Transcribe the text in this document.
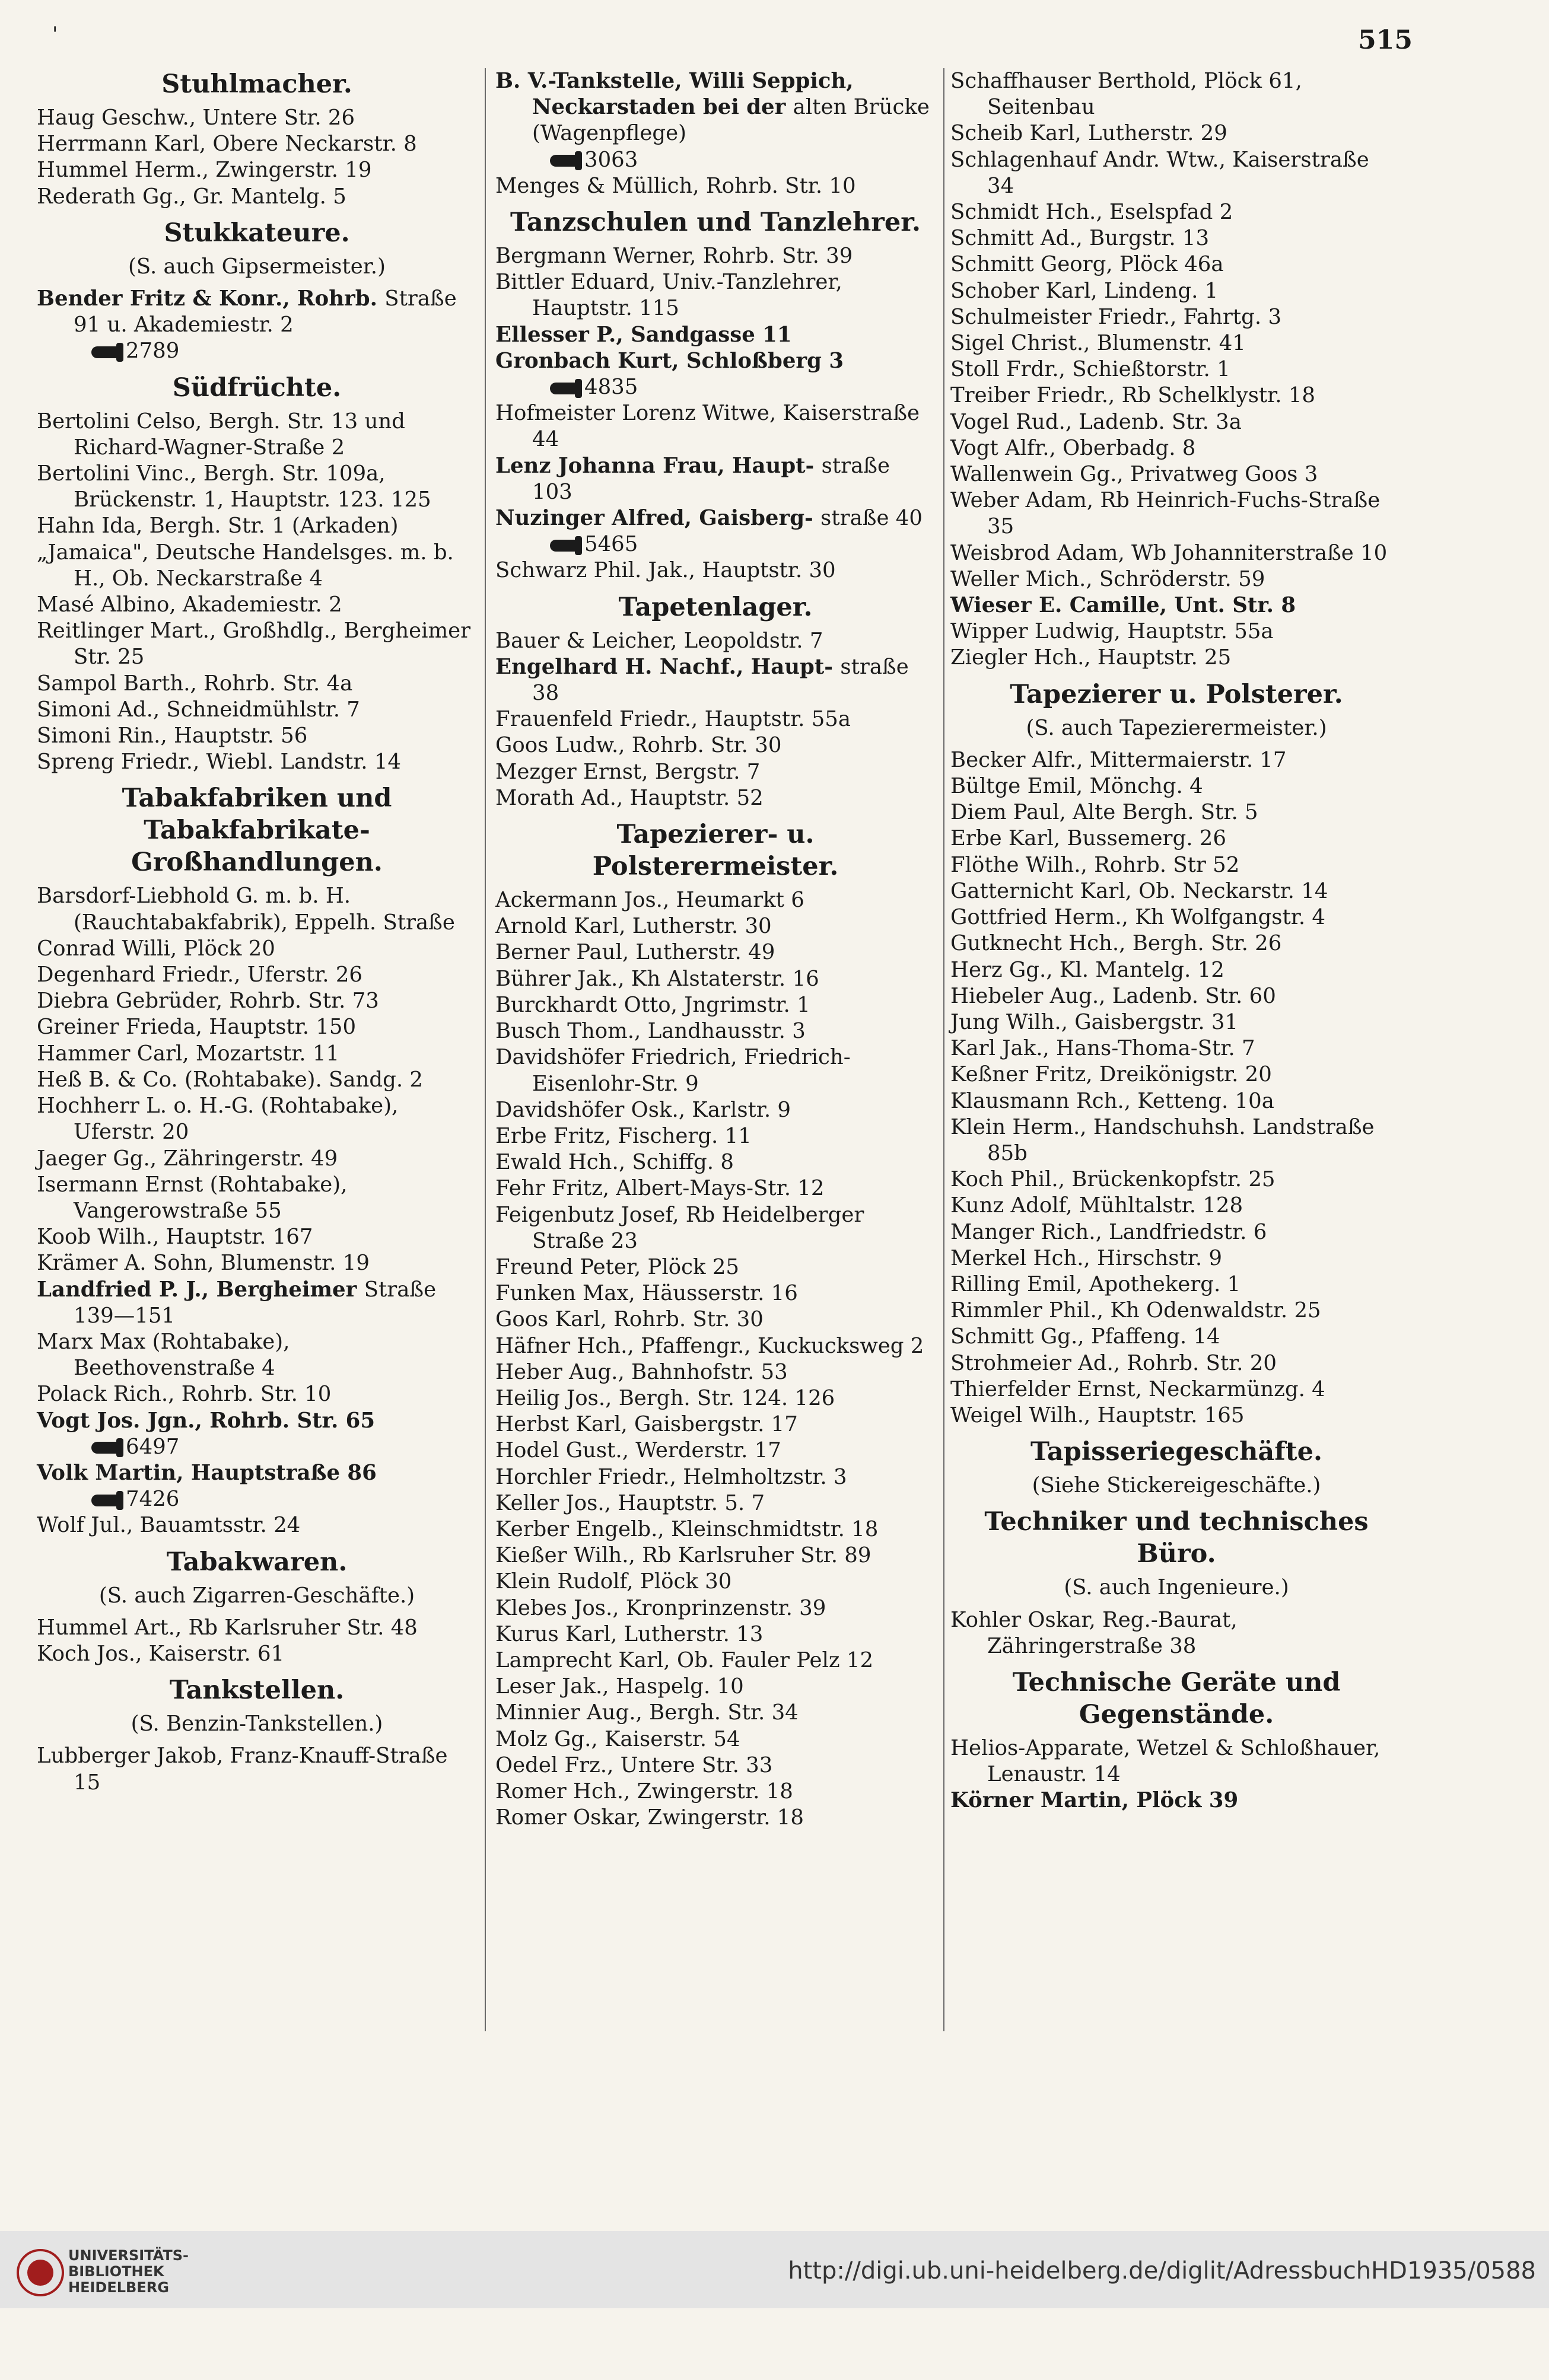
'	515
Stuhlmacher.
Haug Geschw., Untere Str. 26
Herrmann Karl, Obere Neckarstr. 8
Hummel Herm., Zwingerstr. 19
Rederath Gg., Gr. Mantelg. 5
Stukkateure.
(S. auch Gipsermeister.)
Bender Fritz & Konr., Rohrb. Straße 91 u. Akademiestr. 2
2789
Südfrüchte.
Bertolini Celso, Bergh. Str. 13 und Richard-Wagner-Straße 2
Bertolini Vinc., Bergh. Str. 109a, Brückenstr. 1, Hauptstr. 123. 125
Hahn Ida, Bergh. Str. 1 (Arkaden)
„Jamaica", Deutsche Handelsges. m. b. H., Ob. Neckarstraße 4
Masé Albino, Akademiestr. 2
Reitlinger Mart., Großhdlg., Bergheimer Str. 25
Sampol Barth., Rohrb. Str. 4a
Simoni Ad., Schneidmühlstr. 7
Simoni Rin., Hauptstr. 56
Spreng Friedr., Wiebl. Landstr. 14
Tabakfabriken und Tabakfabrikate-Großhandlungen.
Barsdorf-Liebhold G. m. b. H. (Rauchtabakfabrik), Eppelh. Straße
Conrad Willi, Plöck 20
Degenhard Friedr., Uferstr. 26
Diebra Gebrüder, Rohrb. Str. 73
Greiner Frieda, Hauptstr. 150
Hammer Carl, Mozartstr. 11
Heß B. & Co. (Rohtabake). Sandg. 2
Hochherr L. o. H.-G. (Rohtabake), Uferstr. 20
Jaeger Gg., Zähringerstr. 49
Isermann Ernst (Rohtabake), Vangerowstraße 55
Koob Wilh., Hauptstr. 167
Krämer A. Sohn, Blumenstr. 19
Landfried P. J., Bergheimer Straße 139—151
Marx Max (Rohtabake), Beethovenstraße 4
Polack Rich., Rohrb. Str. 10
Vogt Jos. Jgn., Rohrb. Str. 65
6497
Volk Martin, Hauptstraße 86
7426
Wolf Jul., Bauamtsstr. 24
Tabakwaren.
(S. auch Zigarren-Geschäfte.)
Hummel Art., Rb Karlsruher Str. 48
Koch Jos., Kaiserstr. 61
Tankstellen.
(S. Benzin-Tankstellen.)
Lubberger Jakob, Franz-Knauff-Straße 15
B. V.-Tankstelle, Willi Seppich, Neckarstaden bei der alten Brücke (Wagenpflege)
3063
Menges & Müllich, Rohrb. Str. 10
Tanzschulen und Tanzlehrer.
Bergmann Werner, Rohrb. Str. 39
Bittler Eduard, Univ.-Tanzlehrer, Hauptstr. 115
Ellesser P., Sandgasse 11
Gronbach Kurt, Schloßberg 3
4835
Hofmeister Lorenz Witwe, Kaiserstraße 44
Lenz Johanna Frau, Haupt- straße 103
Nuzinger Alfred, Gaisberg- straße 40
5465
Schwarz Phil. Jak., Hauptstr. 30
Tapetenlager.
Bauer & Leicher, Leopoldstr. 7
Engelhard H. Nachf., Haupt- straße 38
Frauenfeld Friedr., Hauptstr. 55a
Goos Ludw., Rohrb. Str. 30
Mezger Ernst, Bergstr. 7
Morath Ad., Hauptstr. 52
Tapezierer- u. Polsterermeister.
Ackermann Jos., Heumarkt 6
Arnold Karl, Lutherstr. 30
Berner Paul, Lutherstr. 49
Bührer Jak., Kh Alstaterstr. 16
Burckhardt Otto, Jngrimstr. 1
Busch Thom., Landhausstr. 3
Davidshöfer Friedrich, Friedrich-Eisenlohr-Str. 9
Davidshöfer Osk., Karlstr. 9
Erbe Fritz, Fischerg. 11
Ewald Hch., Schiffg. 8
Fehr Fritz, Albert-Mays-Str. 12
Feigenbutz Josef, Rb Heidelberger Straße 23
Freund Peter, Plöck 25
Funken Max, Häusserstr. 16
Goos Karl, Rohrb. Str. 30
Häfner Hch., Pfaffengr., Kuckucksweg 2
Heber Aug., Bahnhofstr. 53
Heilig Jos., Bergh. Str. 124. 126
Herbst Karl, Gaisbergstr. 17
Hodel Gust., Werderstr. 17
Horchler Friedr., Helmholtzstr. 3
Keller Jos., Hauptstr. 5. 7
Kerber Engelb., Kleinschmidtstr. 18
Kießer Wilh., Rb Karlsruher Str. 89
Klein Rudolf, Plöck 30
Klebes Jos., Kronprinzenstr. 39
Kurus Karl, Lutherstr. 13
Lamprecht Karl, Ob. Fauler Pelz 12
Leser Jak., Haspelg. 10
Minnier Aug., Bergh. Str. 34
Molz Gg., Kaiserstr. 54
Oedel Frz., Untere Str. 33
Romer Hch., Zwingerstr. 18
Romer Oskar, Zwingerstr. 18
Schaffhauser Berthold, Plöck 61, Seitenbau
Scheib Karl, Lutherstr. 29
Schlagenhauf Andr. Wtw., Kaiserstraße 34
Schmidt Hch., Eselspfad 2
Schmitt Ad., Burgstr. 13
Schmitt Georg, Plöck 46a
Schober Karl, Lindeng. 1
Schulmeister Friedr., Fahrtg. 3
Sigel Christ., Blumenstr. 41
Stoll Frdr., Schießtorstr. 1
Treiber Friedr., Rb Schelklystr. 18
Vogel Rud., Ladenb. Str. 3a
Vogt Alfr., Oberbadg. 8
Wallenwein Gg., Privatweg Goos 3
Weber Adam, Rb Heinrich-Fuchs-Straße 35
Weisbrod Adam, Wb Johanniterstraße 10
Weller Mich., Schröderstr. 59
Wieser E. Camille, Unt. Str. 8
Wipper Ludwig, Hauptstr. 55a
Ziegler Hch., Hauptstr. 25
Tapezierer u. Polsterer.
(S. auch Tapezierermeister.)
Becker Alfr., Mittermaierstr. 17
Bültge Emil, Mönchg. 4
Diem Paul, Alte Bergh. Str. 5
Erbe Karl, Bussemerg. 26
Flöthe Wilh., Rohrb. Str 52
Gatternicht Karl, Ob. Neckarstr. 14
Gottfried Herm., Kh Wolfgangstr. 4
Gutknecht Hch., Bergh. Str. 26
Herz Gg., Kl. Mantelg. 12
Hiebeler Aug., Ladenb. Str. 60
Jung Wilh., Gaisbergstr. 31
Karl Jak., Hans-Thoma-Str. 7
Keßner Fritz, Dreikönigstr. 20
Klausmann Rch., Ketteng. 10a
Klein Herm., Handschuhsh. Landstraße 85b
Koch Phil., Brückenkopfstr. 25
Kunz Adolf, Mühltalstr. 128
Manger Rich., Landfriedstr. 6
Merkel Hch., Hirschstr. 9
Rilling Emil, Apothekerg. 1
Rimmler Phil., Kh Odenwaldstr. 25
Schmitt Gg., Pfaffeng. 14
Strohmeier Ad., Rohrb. Str. 20
Thierfelder Ernst, Neckarmünzg. 4
Weigel Wilh., Hauptstr. 165
Tapisseriegeschäfte.
(Siehe Stickereigeschäfte.)
Techniker und technisches Büro.
(S. auch Ingenieure.)
Kohler Oskar, Reg.-Baurat, Zähringerstraße 38
Technische Geräte und Gegenstände.
Helios-Apparate, Wetzel & Schloßhauer, Lenaustr. 14
Körner Martin, Plöck 39
UNIVERSITÄTS-
BIBLIOTHEK
HEIDELBERG
http://digi.ub.uni-heidelberg.de/diglit/AdressbuchHD1935/0588
